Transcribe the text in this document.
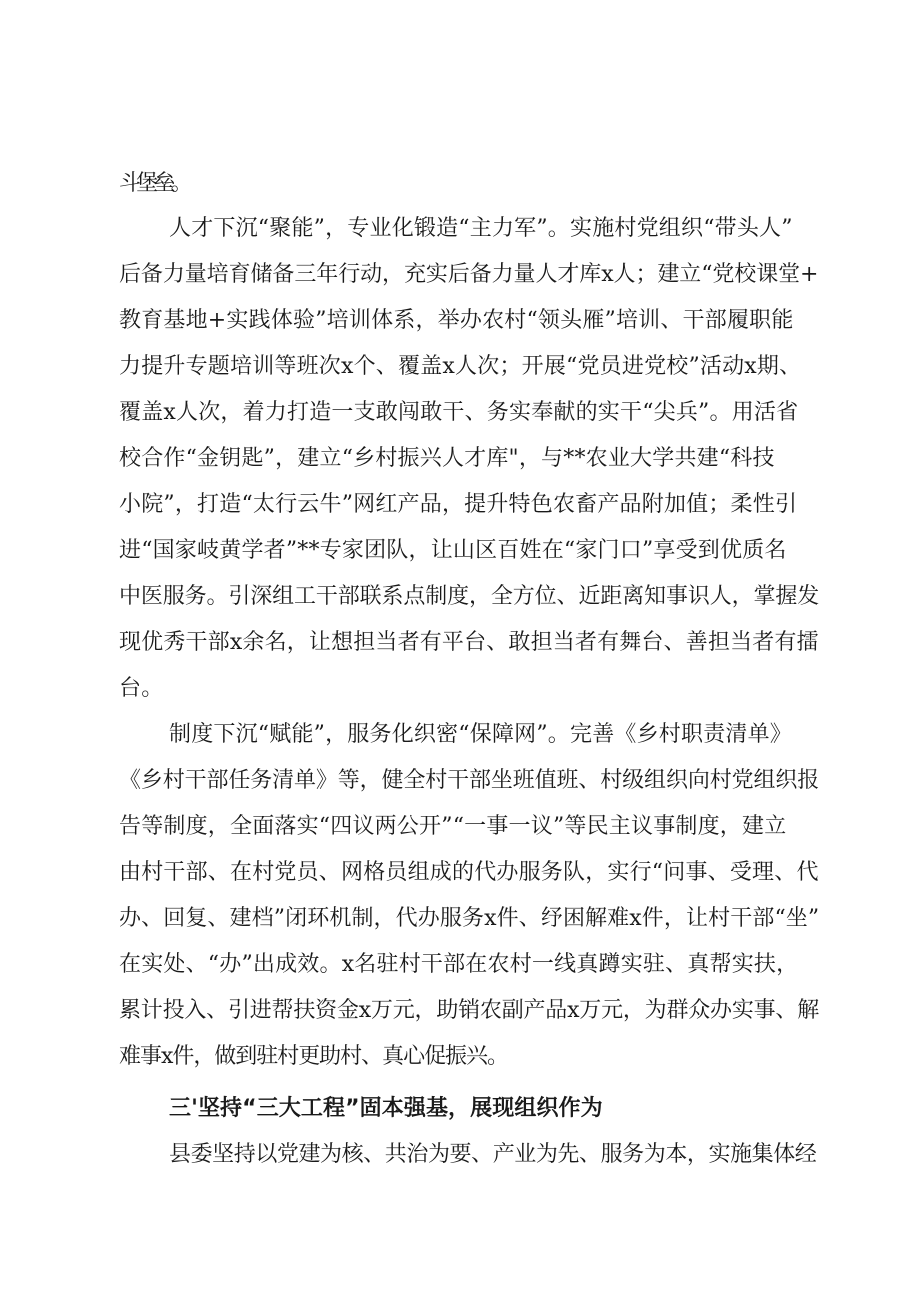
斗堡垒。
人才下沉“聚能”，专业化锻造“主力军”。实施村党组织“带头人”
后备力量培育储备三年行动，充实后备力量人才库x人；建立“党校课堂+
教育基地+实践体验”培训体系，举办农村“领头雁”培训、干部履职能
力提升专题培训等班次x个、覆盖x人次；开展“党员进党校”活动x期、
覆盖x人次，着力打造一支敢闯敢干、务实奉献的实干“尖兵”。用活省
校合作“金钥匙”，建立“乡村振兴人才库"，与**农业大学共建“科技
小院”，打造“太行云牛”网红产品，提升特色农畜产品附加值；柔性引
进“国家岐黄学者”**专家团队，让山区百姓在“家门口”享受到优质名
中医服务。引深组工干部联系点制度，全方位、近距离知事识人，掌握发
现优秀干部x余名，让想担当者有平台、敢担当者有舞台、善担当者有擂
台。
制度下沉“赋能”，服务化织密“保障网”。完善《乡村职责清单》
《乡村干部任务清单》等，健全村干部坐班值班、村级组织向村党组织报
告等制度，全面落实“四议两公开”“一事一议”等民主议事制度，建立
由村干部、在村党员、网格员组成的代办服务队，实行“问事、受理、代
办、回复、建档”闭环机制，代办服务x件、纾困解难x件，让村干部“坐”
在实处、“办”出成效。x名驻村干部在农村一线真蹲实驻、真帮实扶，
累计投入、引进帮扶资金x万元，助销农副产品x万元，为群众办实事、解
难事x件，做到驻村更助村、真心促振兴。
三'坚持“三大工程”固本强基，展现组织作为
县委坚持以党建为核、共治为要、产业为先、服务为本，实施集体经
